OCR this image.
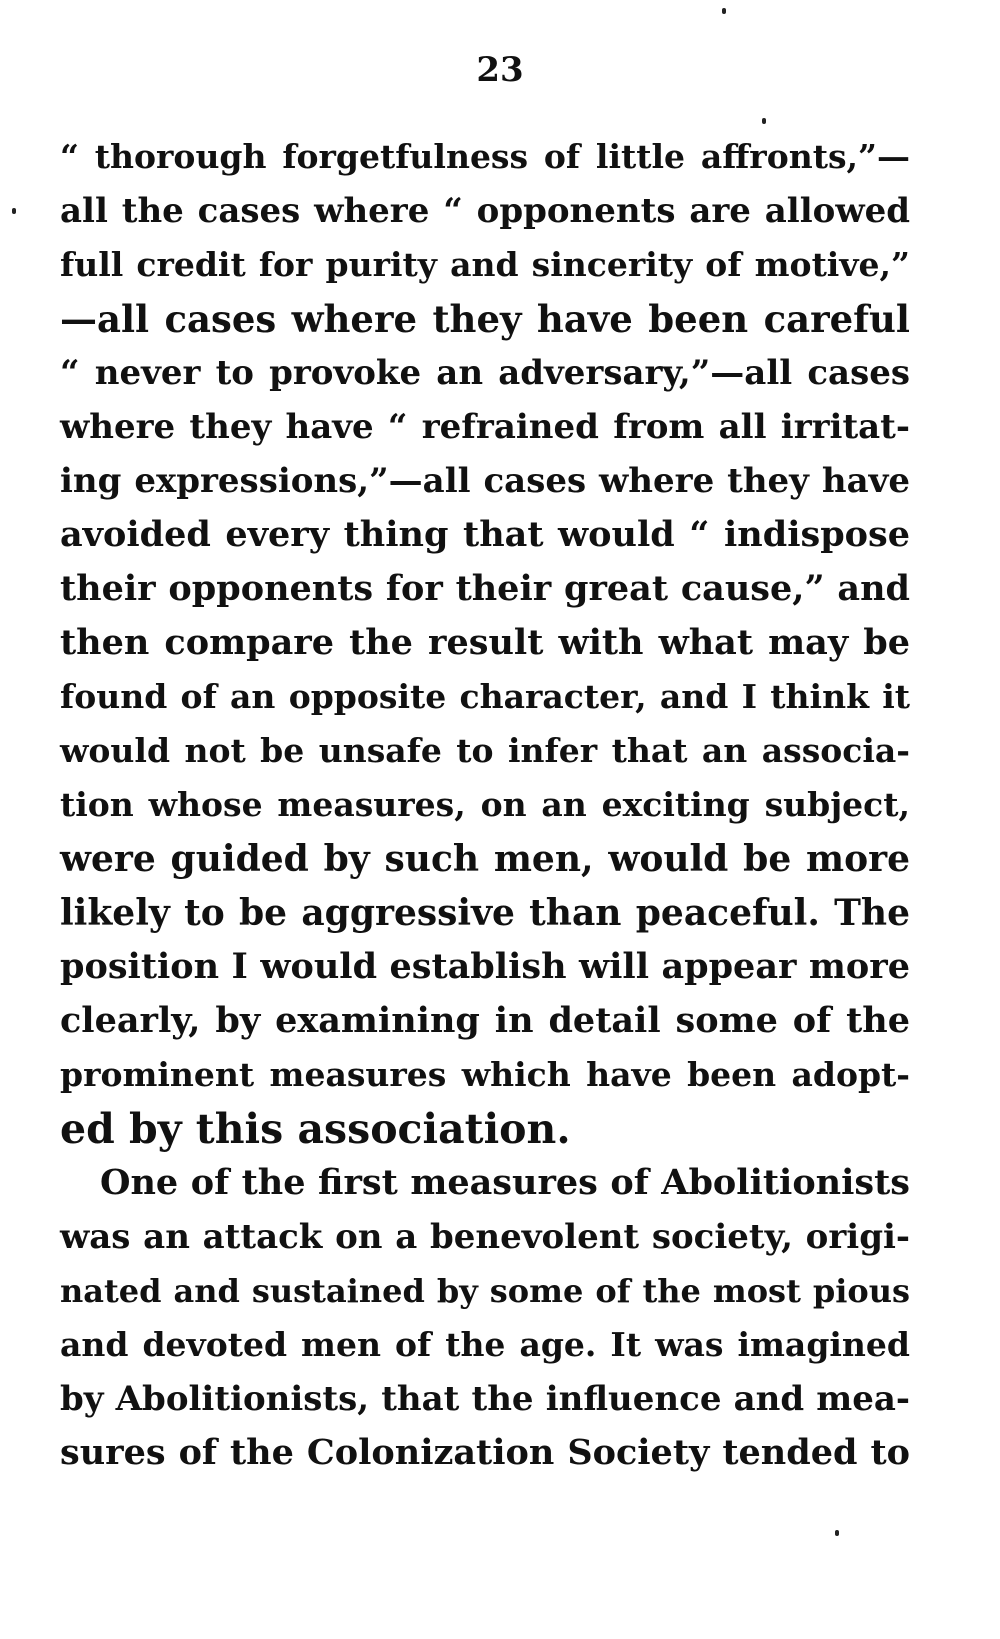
23
“ thorough forgetfulness of little affronts,”—
all the cases where “ opponents are allowed
full credit for purity and sincerity of motive,”
—all cases where they have been careful
“ never to provoke an adversary,”—all cases
where they have “ refrained from all irritat-
ing expressions,”—all cases where they have
avoided every thing that would “ indispose
their opponents for their great cause,” and
then compare the result with what may be
found of an opposite character, and I think it
would not be unsafe to infer that an associa-
tion whose measures, on an exciting subject,
were guided by such men, would be more
likely to be aggressive than peaceful. The
position I would establish will appear more
clearly, by examining in detail some of the
prominent measures which have been adopt-
ed by this association.
One of the first measures of Abolitionists
was an attack on a benevolent society, origi-
nated and sustained by some of the most pious
and devoted men of the age. It was imagined
by Abolitionists, that the influence and mea-
sures of the Colonization Society tended to
